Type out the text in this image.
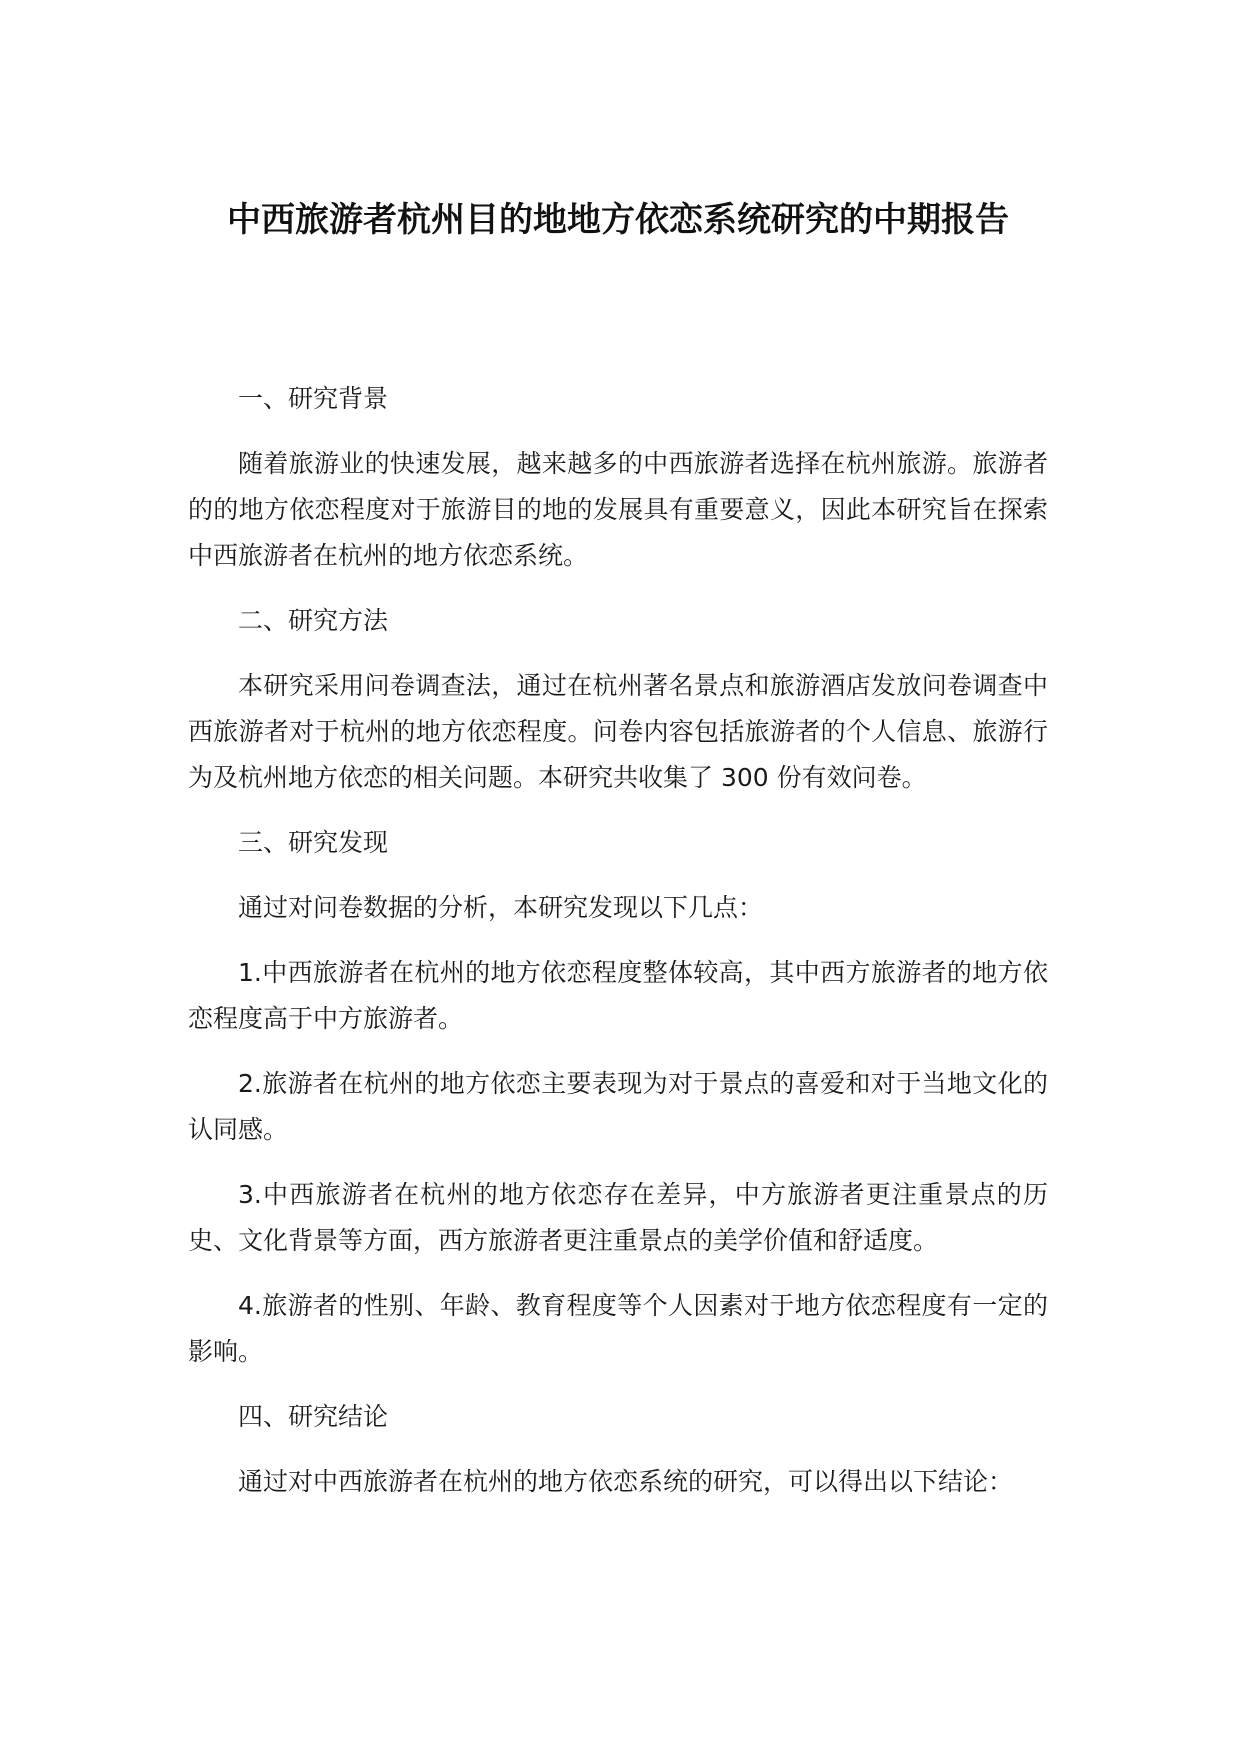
中西旅游者杭州目的地地方依恋系统研究的中期报告

一、研究背景

随着旅游业的快速发展，越来越多的中西旅游者选择在杭州旅游。旅游者的的地方依恋程度对于旅游目的地的发展具有重要意义，因此本研究旨在探索中西旅游者在杭州的地方依恋系统。

二、研究方法

本研究采用问卷调查法，通过在杭州著名景点和旅游酒店发放问卷调查中西旅游者对于杭州的地方依恋程度。问卷内容包括旅游者的个人信息、旅游行为及杭州地方依恋的相关问题。本研究共收集了 300 份有效问卷。

三、研究发现

通过对问卷数据的分析，本研究发现以下几点：

1.中西旅游者在杭州的地方依恋程度整体较高，其中西方旅游者的地方依恋程度高于中方旅游者。

2.旅游者在杭州的地方依恋主要表现为对于景点的喜爱和对于当地文化的认同感。

3.中西旅游者在杭州的地方依恋存在差异，中方旅游者更注重景点的历史、文化背景等方面，西方旅游者更注重景点的美学价值和舒适度。

4.旅游者的性别、年龄、教育程度等个人因素对于地方依恋程度有一定的影响。

四、研究结论

通过对中西旅游者在杭州的地方依恋系统的研究，可以得出以下结论：
